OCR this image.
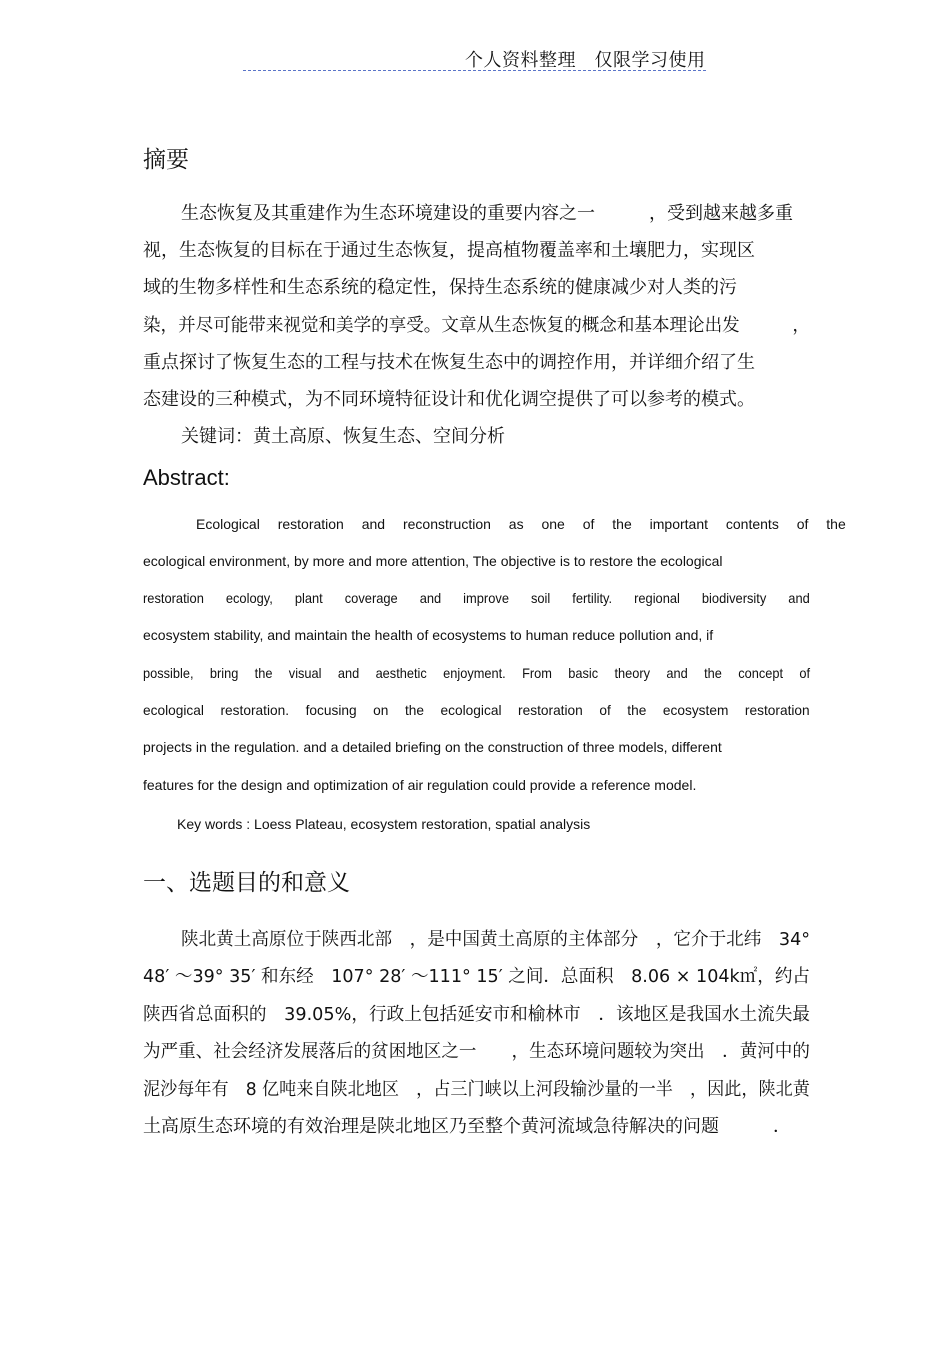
个人资料整理　仅限学习使用
摘要
生态恢复及其重建作为生态环境建设的重要内容之一　　　，受到越来越多重
视，生态恢复的目标在于通过生态恢复，提高植物覆盖率和土壤肥力，实现区
域的生物多样性和生态系统的稳定性，保持生态系统的健康减少对人类的污
染，并尽可能带来视觉和美学的享受。文章从生态恢复的概念和基本理论出发　　　，
重点探讨了恢复生态的工程与技术在恢复生态中的调控作用，并详细介绍了生
态建设的三种模式，为不同环境特征设计和优化调空提供了可以参考的模式。
关键词：黄土高原、恢复生态、空间分析
Abstract:
Ecological restoration and reconstruction as one of the important contents of the
ecological environment, by more and more attention, The objective is to restore the ecological
restoration ecology, plant coverage and improve soil fertility. regional biodiversity and
ecosystem stability, and maintain the health of ecosystems to human reduce pollution and, if
possible, bring the visual and aesthetic enjoyment. From basic theory and the concept of
ecological restoration. focusing on the ecological restoration of the ecosystem restoration
projects in the regulation. and a detailed briefing on the construction of three models, different
features for the design and optimization of air regulation could provide a reference model.
Key words : Loess Plateau, ecosystem restoration, spatial analysis
一、选题目的和意义
陕北黄土高原位于陕西北部　，是中国黄土高原的主体部分　，它介于北纬　34°
48′ ～39° 35′ 和东经　107° 28′ ～111° 15′ 之间．总面积　8.06 × 104k㎡，约占
陕西省总面积的　39.05%，行政上包括延安市和榆林市　．该地区是我国水土流失最
为严重、社会经济发展落后的贫困地区之一　　，生态环境问题较为突出　．黄河中的
泥沙每年有　8 亿吨来自陕北地区　，占三门峡以上河段输沙量的一半　，因此，陕北黄
土高原生态环境的有效治理是陕北地区乃至整个黄河流域急待解决的问题　　　．
